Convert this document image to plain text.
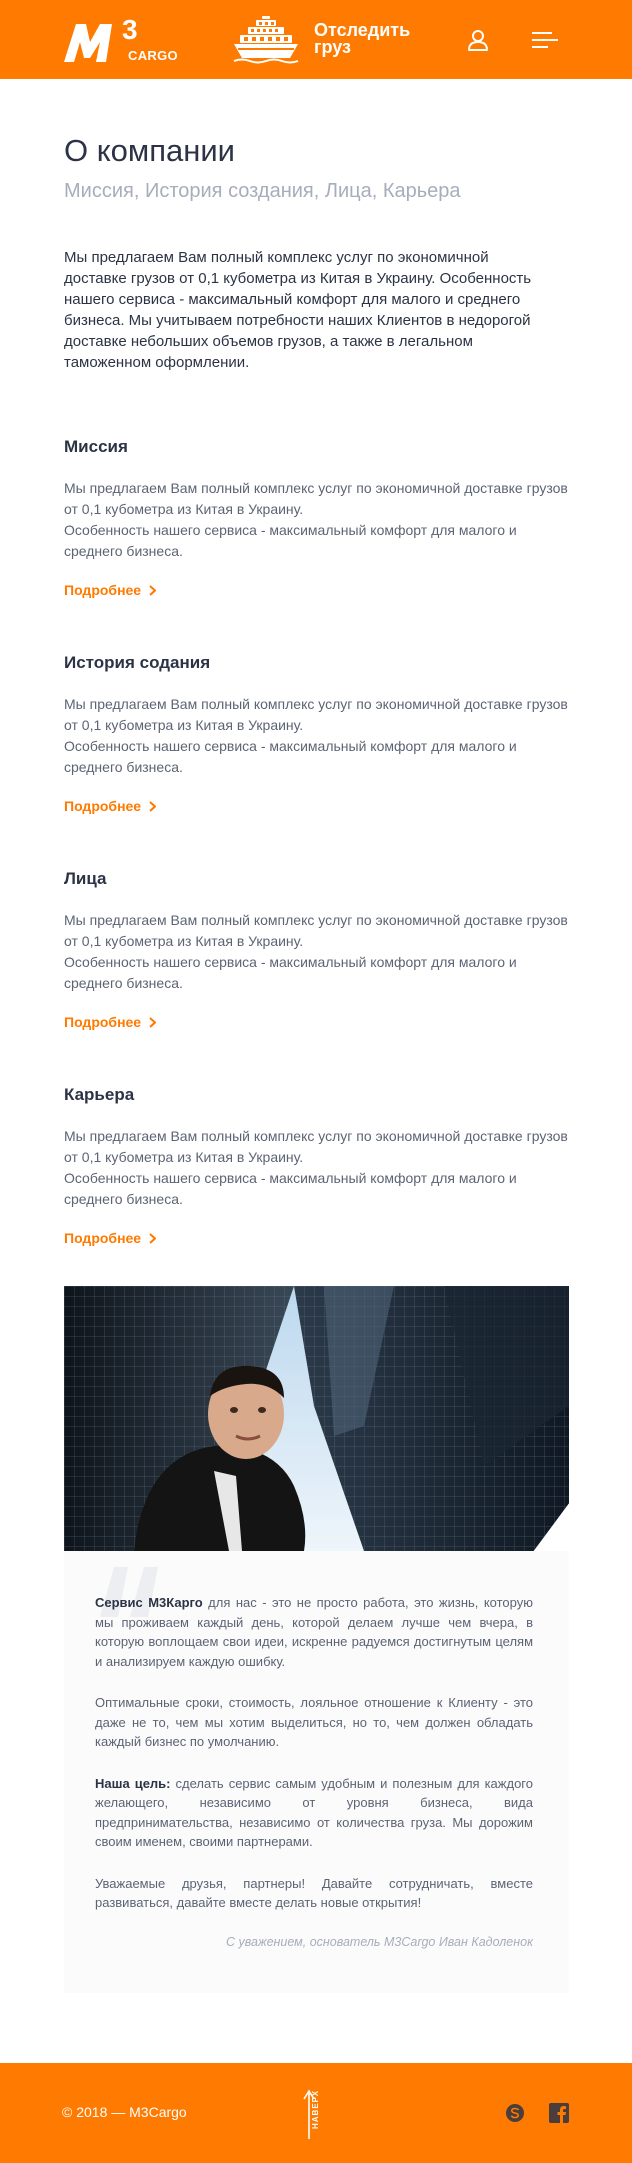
3
CARGO
Отследить груз
О компании
Миссия, История создания, Лица, Карьера

Мы предлагаем Вам полный комплекс услуг по экономичной доставке грузов от 0,1 кубометра из Китая в Украину. Особенность нашего сервиса - максимальный комфорт для малого и среднего бизнеса. Мы учитываем потребности наших Клиентов в недорогой доставке небольших объемов грузов, а также в легальном таможенном оформлении.

Миссия

Мы предлагаем Вам полный комплекс услуг по экономичной доставке грузов от 0,1 кубометра из Китая в Украину.
Особенность нашего сервиса - максимальный комфорт для малого и среднего бизнеса.

Подробнее
История содания

Мы предлагаем Вам полный комплекс услуг по экономичной доставке грузов от 0,1 кубометра из Китая в Украину.
Особенность нашего сервиса - максимальный комфорт для малого и среднего бизнеса.

Подробнее
Лица

Мы предлагаем Вам полный комплекс услуг по экономичной доставке грузов от 0,1 кубометра из Китая в Украину.
Особенность нашего сервиса - максимальный комфорт для малого и среднего бизнеса.

Подробнее
Карьера

Мы предлагаем Вам полный комплекс услуг по экономичной доставке грузов от 0,1 кубометра из Китая в Украину.
Особенность нашего сервиса - максимальный комфорт для малого и среднего бизнеса.

Подробнее

Сервис М3Карго для нас - это не просто работа, это жизнь, которую мы проживаем каждый день, которой делаем лучше чем вчера, в которую воплощаем свои идеи, искренне радуемся достигнутым целям и анализируем каждую ошибку.

Оптимальные сроки, стоимость, лояльное отношение к Клиенту - это даже не то, чем мы хотим выделиться, но то, чем должен обладать каждый бизнес по умолчанию.

Наша цель: сделать сервис самым удобным и полезным для каждого желающего, независимо от уровня бизнеса, вида предпринимательства, независимо от количества груза. Мы дорожим своим именем, своими партнерами.

Уважаемые друзья, партнеры! Давайте сотрудничать, вместе развиваться, давайте вместе делать новые открытия!

С уважением, основатель М3Cargo Иван Кадоленок
© 2018 — М3Cargo	НАВЕРХ
